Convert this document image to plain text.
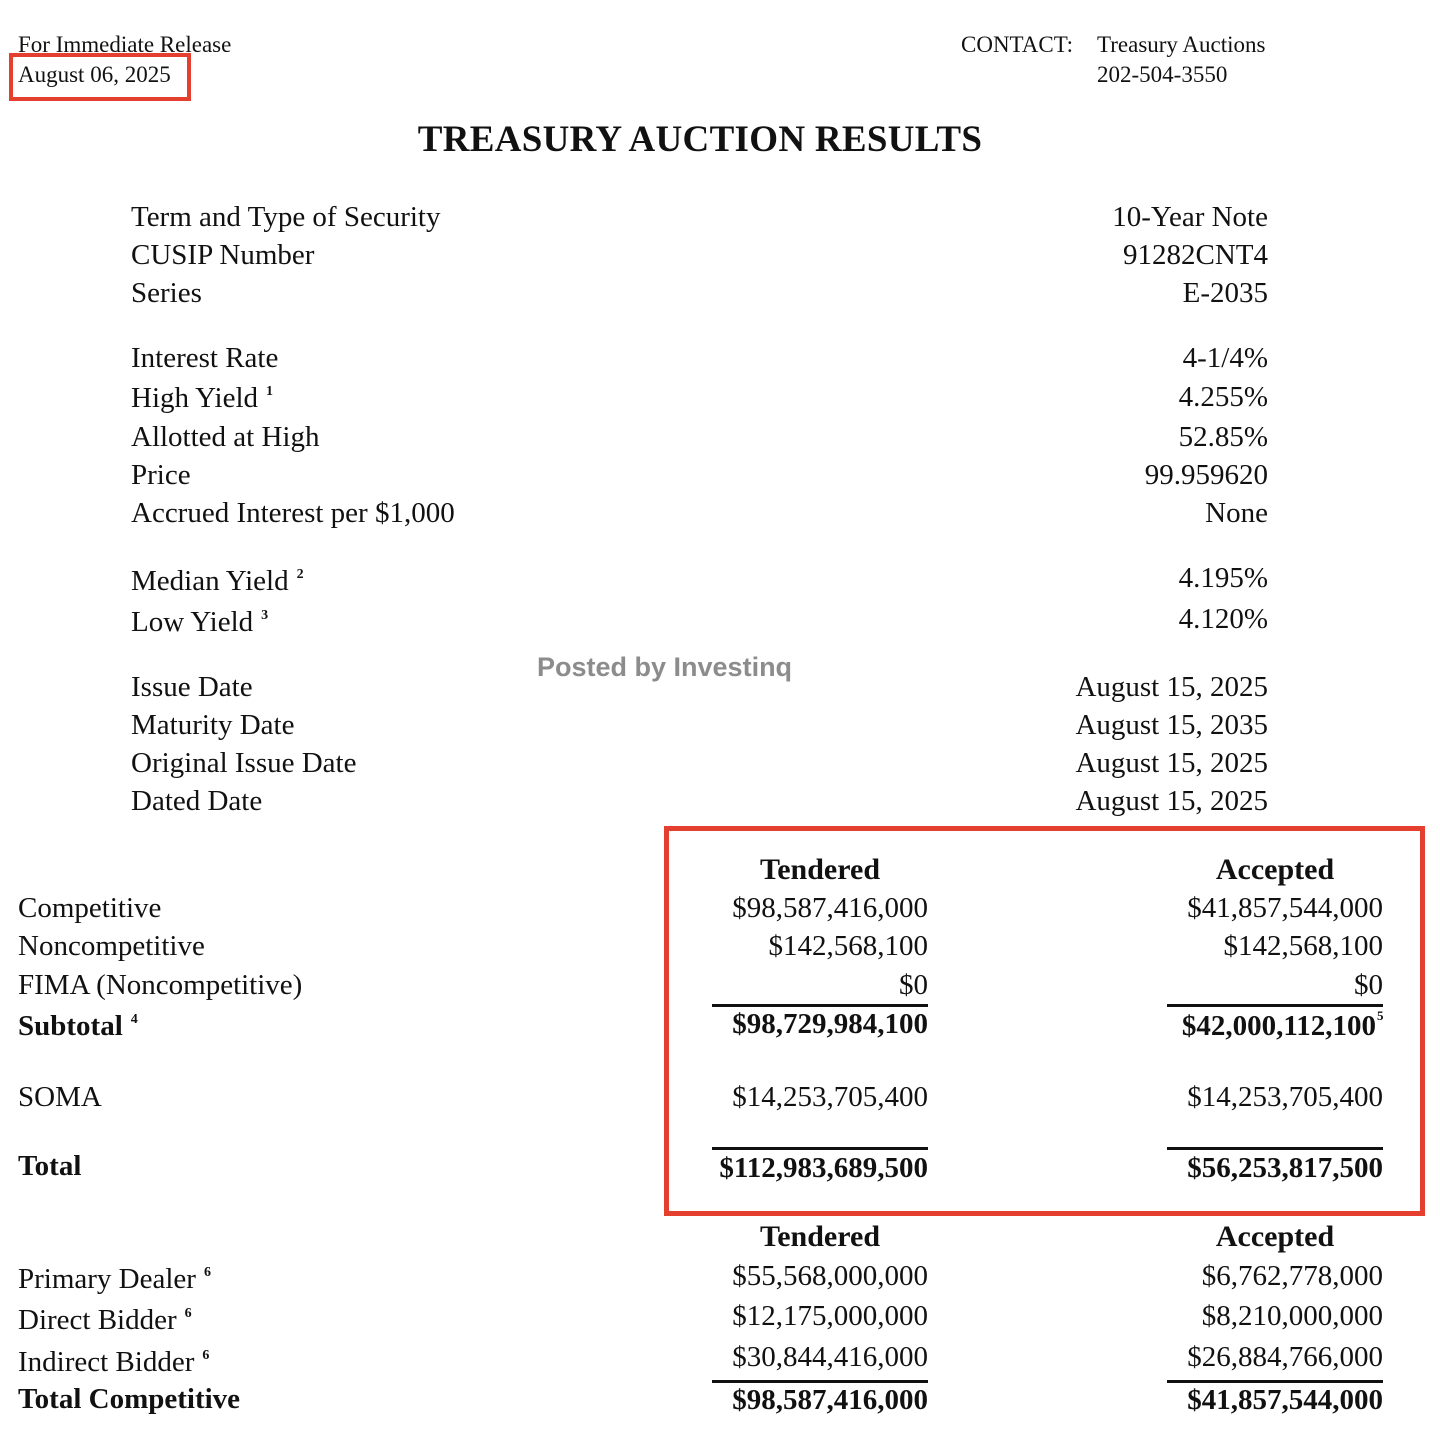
For Immediate Release
August 06, 2025
CONTACT: Treasury Auctions
202-504-3550
TREASURY AUCTION RESULTS
Term and Type of Security	10-Year Note
CUSIP Number	91282CNT4
Series	E-2035
Interest Rate	4-1/4%
High Yield $^1$	4.255%
Allotted at High	52.85%
Price	99.959620
Accrued Interest per $1,000	None
Median Yield $^2$	4.195%
Low Yield $^3$	4.120%
Posted by Investinq
Issue Date	August 15, 2025
Maturity Date	August 15, 2035
Original Issue Date	August 15, 2025
Dated Date	August 15, 2025
Tendered	Accepted
Competitive	$98,587,416,000	$41,857,544,000
Noncompetitive	$142,568,100	$142,568,100
FIMA (Noncompetitive)	$0	$0
Subtotal $^4$	$98,729,984,100	$42,000,112,100 5
SOMA	$14,253,705,400	$14,253,705,400
Total	$112,983,689,500	$56,253,817,500
Tendered	Accepted
Primary Dealer $^6$	$55,568,000,000	$6,762,778,000
Direct Bidder $^6$	$12,175,000,000	$8,210,000,000
Indirect Bidder $^6$	$30,844,416,000	$26,884,766,000
Total Competitive	$98,587,416,000	$41,857,544,000
